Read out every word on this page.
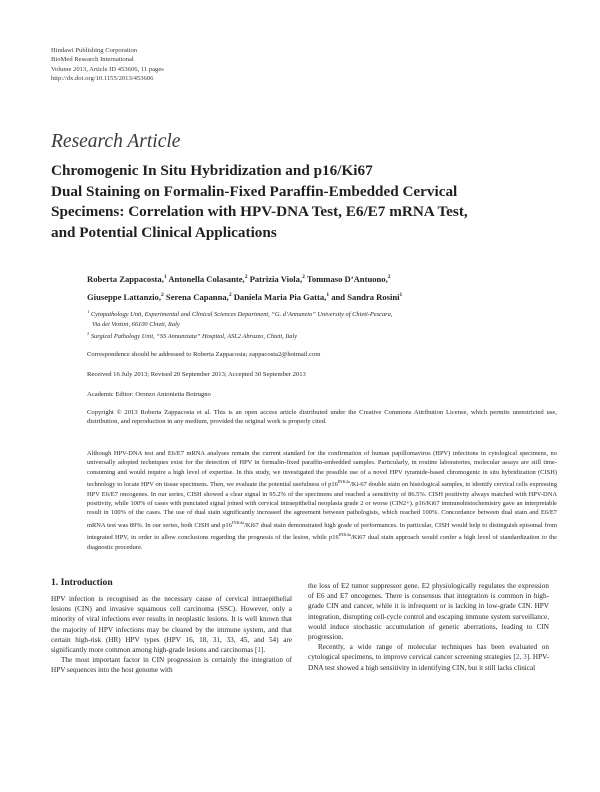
Hindawi Publishing Corporation
BioMed Research International
Volume 2013, Article ID 453606, 11 pages
http://dx.doi.org/10.1155/2013/453606
Research Article
Chromogenic In Situ Hybridization and p16/Ki67
Dual Staining on Formalin-Fixed Paraffin-Embedded Cervical
Specimens: Correlation with HPV-DNA Test, E6/E7 mRNA Test,
and Potential Clinical Applications
Roberta Zappacosta,$^1$ Antonella Colasante,$^2$ Patrizia Viola,$^2$ Tommaso D’Antuono,$^2$
Giuseppe Lattanzio,$^2$ Serena Capanna,$^2$ Daniela Maria Pia Gatta,$^1$ and Sandra Rosini$^1$
$^1$ Cytopathology Unit, Experimental and Clinical Sciences Department, “G. d’Annunzio” University of Chieti-Pescara,
Via dei Vestini, 66100 Chieti, Italy
$^2$ Surgical Pathology Unit, “SS Annunziata” Hospital, ASL2 Abruzzo, Chieti, Italy
Correspondence should be addressed to Roberta Zappacosta; zappacosta2@hotmail.com
Received 16 July 2013; Revised 20 September 2013; Accepted 30 September 2013
Academic Editor: Oronzo Antonietta Botrugno
Copyright © 2013 Roberta Zappacosta et al. This is an open access article distributed under the Creative Commons Attribution License, which permits unrestricted use, distribution, and reproduction in any medium, provided the original work is properly cited.
Although HPV-DNA test and E6/E7 mRNA analyses remain the current standard for the confirmation of human papillomavirus (HPV) infections in cytological specimens, no universally adopted techniques exist for the detection of HPV in formalin-fixed paraffin-embedded samples. Particularly, in routine laboratories, molecular assays are still time-consuming and would require a high level of expertise. In this study, we investigated the possible use of a novel HPV tyramide-based chromogenic in situ hybridization (CISH) technology to locate HPV on tissue specimens. Then, we evaluate the potential usefulness of $p16^{INK4a}/Ki-67$ double stain on histological samples, to identify cervical cells expressing HPV E6/E7 oncogenes. In our series, CISH showed a clear signal in 95.2% of the specimens and reached a sensitivity of 86.5%. CISH positivity always matched with HPV-DNA positivity, while 100% of cases with punctated signal joined with cervical intraepithelial neoplasia grade 2 or worse (CIN2+). p16/Ki67 immunohistochemistry gave an interpretable result in 100% of the cases. The use of dual stain significantly increased the agreement between pathologists, which reached 100%. Concordance between dual stain and E6/E7 mRNA test was 89%. In our series, both CISH and $p16^{INK4a}/Ki67$ dual stain demonstrated high grade of performances. In particular, CISH would help to distinguish episomal from integrated HPV, in order to allow conclusions regarding the prognosis of the lesion, while $p16^{INK4a}/Ki67$ dual stain approach would confer a high level of standardization to the diagnostic procedure.
1. Introduction

HPV infection is recognised as the necessary cause of cervical intraepithelial lesions (CIN) and invasive squamous cell carcinoma (SSC). However, only a minority of viral infections ever results in neoplastic lesions. It is well known that the majority of HPV infections may be cleared by the immune system, and that certain high-risk (HR) HPV types (HPV 16, 18, 31, 33, 45, and 54) are significantly more common among high-grade lesions and carcinomas [1].

The most important factor in CIN progression is certainly the integration of HPV sequences into the host genome with

the loss of E2 tumor suppressor gene. E2 physiologically regulates the expression of E6 and E7 oncogenes. There is consensus that integration is common in high-grade CIN and cancer, while it is infrequent or is lacking in low-grade CIN. HPV integration, disrupting cell-cycle control and escaping immune system surveillance, would induce stochastic accumulation of genetic aberrations, leading to CIN progression.

Recently, a wide range of molecular techniques has been evaluated on cytological specimens, to improve cervical cancer screening strategies [2, 3]. HPV-DNA test showed a high sensitivity in identifying CIN, but it still lacks clinical
